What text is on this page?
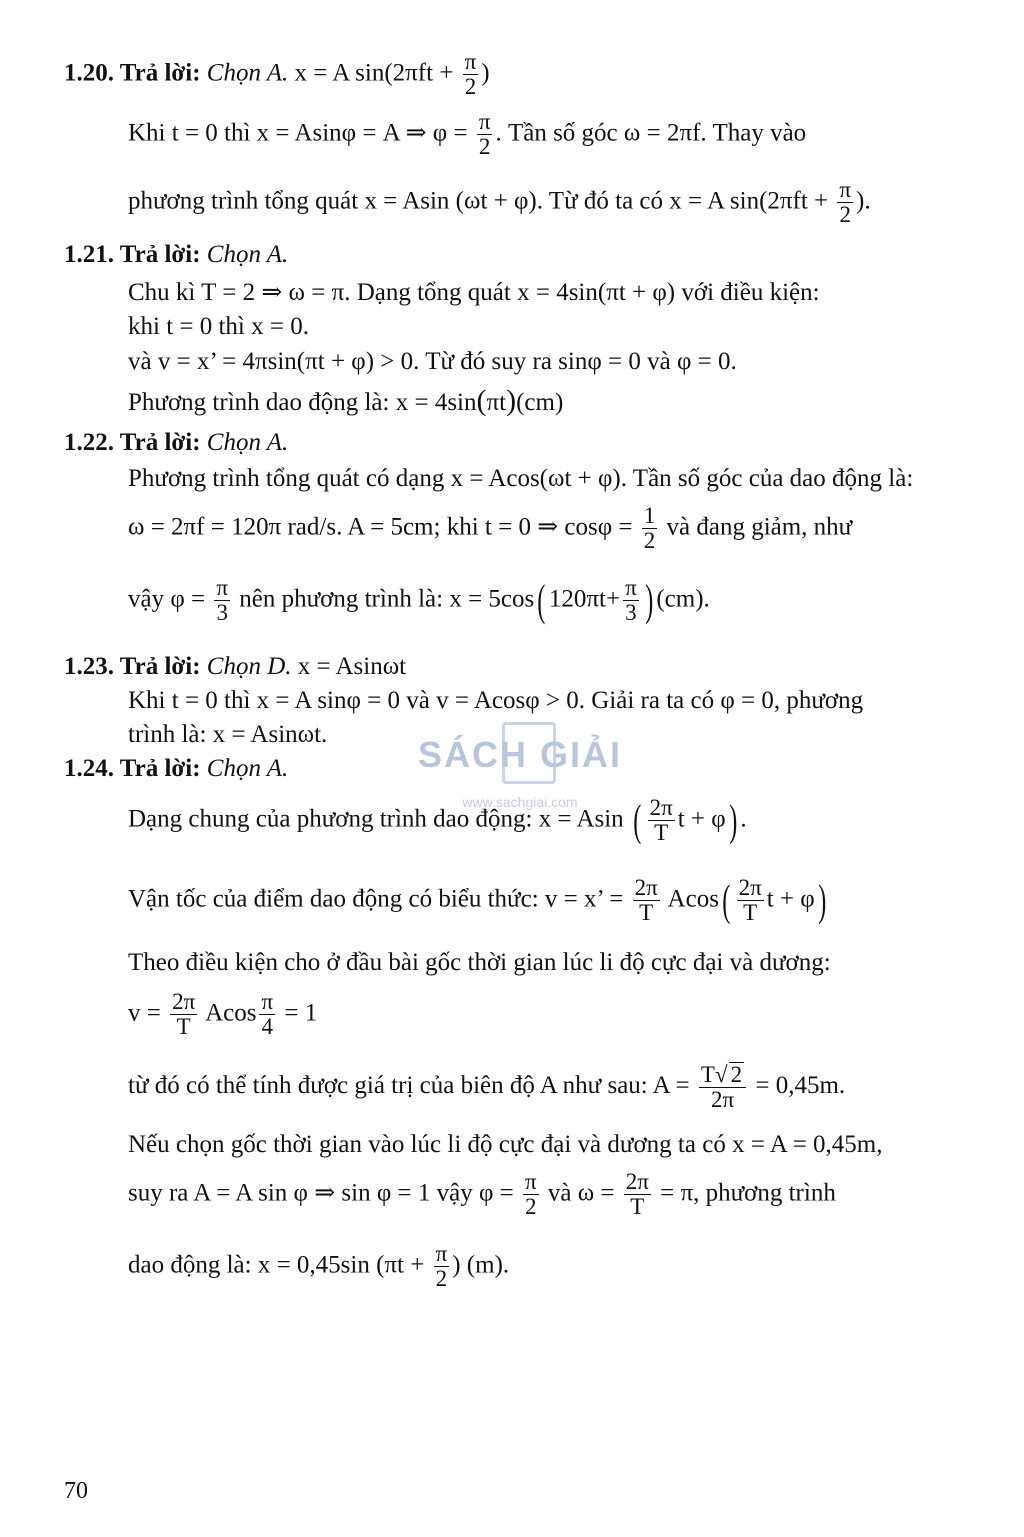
1.20. Trả lời: Chọn A. x = A $\sin(2\pi ft + \frac{\pi}{2}$ )
Khi t = 0 thì x = Asinφ = A ⇒ $\varphi = \frac{\pi}{2}$ . Tần số góc ω = 2πf. Thay vào
phương trình tổng quát x = Asin (ωt + φ). Từ đó ta có x = A $\sin(2\pi ft + \frac{\pi}{2}$ ).
1.21. Trả lời: Chọn A.
Chu kì T = 2 ⇒ ω = π. Dạng tổng quát x = 4sin(πt + φ) với điều kiện:
khi t = 0 thì x = 0.
và v = x’ = 4πsin(πt + φ) > 0. Từ đó suy ra sinφ = 0 và φ = 0.
Phương trình dao động là: x = 4sin(πt)(cm)
1.22. Trả lời: Chọn A.
Phương trình tổng quát có dạng x = Acos(ωt + φ). Tần số góc của dao động là:
ω = 2πf = 120π rad/s. A = 5cm; khi t = 0 ⇒ $\cos\varphi = \frac{1}{2}$ và đang giảm, như
vậy $\varphi = \frac{\pi}{3}$ nên phương trình là: x = 5cos( $120\pi t+ \frac{\pi}{3}$ ) (cm).
1.23. Trả lời: Chọn D. x = Asinωt
Khi t = 0 thì x = A sinφ = 0 và v = Acosφ > 0. Giải ra ta có φ = 0, phương
trình là: x = Asinωt.	SÁCH GIẢI
www.sachgiai.com
1.24. Trả lời: Chọn A.
Dạng chung của phương trình dao động: x = Asin ( $\frac{2\pi}{T}$ t + φ) .
Vận tốc của điểm dao động có biểu thức: v = x’ = $\frac{2\pi}{T} Acos( \frac{2\pi}{T}$ t + φ)
Theo điều kiện cho ở đầu bài gốc thời gian lúc li độ cực đại và dương:
$v = \frac{2\pi}{T}$ Acos $\frac{\pi}{4} = 1$
từ đó có thể tính được giá trị của biên độ A như sau: $A = \frac{T√ 2}{2\pi} = 0,45m$.
Nếu chọn gốc thời gian vào lúc li độ cực đại và dương ta có x = A = 0,45m,
suy ra A = A sin φ ⇒ sin φ = 1 vậy $\varphi = \frac{\pi}{2}$ và $\omega = \frac{2\pi}{T} = \pi$, phương trình
dao động là: x = 0,45sin ($\pi t + \frac{\pi}{2}$ ) (m).
70
